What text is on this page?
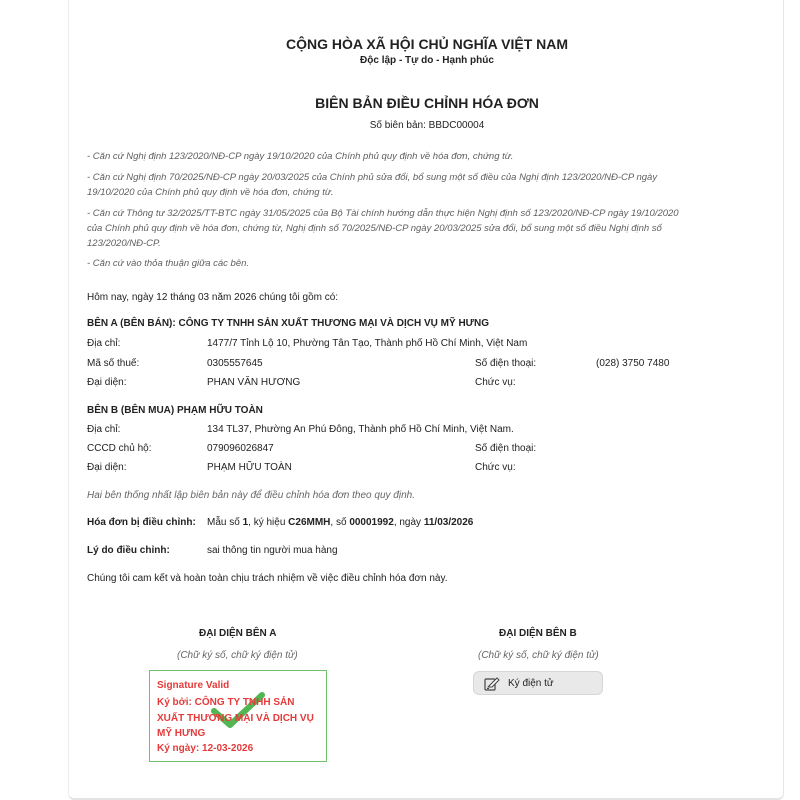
CỘNG HÒA XÃ HỘI CHỦ NGHĨA VIỆT NAM
Độc lập - Tự do - Hạnh phúc
BIÊN BẢN ĐIỀU CHỈNH HÓA ĐƠN
Số biên bản: BBDC00004
- Căn cứ Nghị định 123/2020/NĐ-CP ngày 19/10/2020 của Chính phủ quy định về hóa đơn, chứng từ.
- Căn cứ Nghị định 70/2025/NĐ-CP ngày 20/03/2025 của Chính phủ sửa đổi, bổ sung một số điều của Nghị định 123/2020/NĐ-CP ngày 19/10/2020 của Chính phủ quy định về hóa đơn, chứng từ.
- Căn cứ Thông tư 32/2025/TT-BTC ngày 31/05/2025 của Bộ Tài chính hướng dẫn thực hiện Nghị định số 123/2020/NĐ-CP ngày 19/10/2020 của Chính phủ quy định về hóa đơn, chứng từ, Nghị định số 70/2025/NĐ-CP ngày 20/03/2025 sửa đổi, bổ sung một số điều Nghị định số 123/2020/NĐ-CP.
- Căn cứ vào thỏa thuận giữa các bên.
Hôm nay, ngày 12 tháng 03 năm 2026 chúng tôi gồm có:
BÊN A (BÊN BÁN): CÔNG TY TNHH SẢN XUẤT THƯƠNG MẠI VÀ DỊCH VỤ MỸ HƯNG
Địa chỉ:	1477/7 Tỉnh Lộ 10, Phường Tân Tạo, Thành phố Hồ Chí Minh, Việt Nam
Mã số thuế:	0305557645	Số điện thoại:	(028) 3750 7480
Đại diện:	PHAN VĂN HƯƠNG	Chức vụ:
BÊN B (BÊN MUA) PHẠM HỮU TOÀN
Địa chỉ:	134 TL37, Phường An Phú Đông, Thành phố Hồ Chí Minh, Việt Nam.
CCCD chủ hộ:	079096026847	Số điện thoại:
Đại diện:	PHẠM HỮU TOÀN	Chức vụ:
Hai bên thống nhất lập biên bản này để điều chỉnh hóa đơn theo quy định.
Hóa đơn bị điều chỉnh: Mẫu số 1, ký hiệu C26MMH, số 00001992, ngày 11/03/2026
Lý do điều chỉnh:	sai thông tin người mua hàng
Chúng tôi cam kết và hoàn toàn chịu trách nhiệm về việc điều chỉnh hóa đơn này.
ĐẠI DIỆN BÊN A
(Chữ ký số, chữ ký điện tử)
ĐẠI DIỆN BÊN B
(Chữ ký số, chữ ký điện tử)
Signature Valid
Ký bởi: CÔNG TY TNHH SẢN
XUẤT THƯƠNG MẠI VÀ DỊCH VỤ
MỸ HƯNG
Ký ngày: 12-03-2026
Ký điện tử
